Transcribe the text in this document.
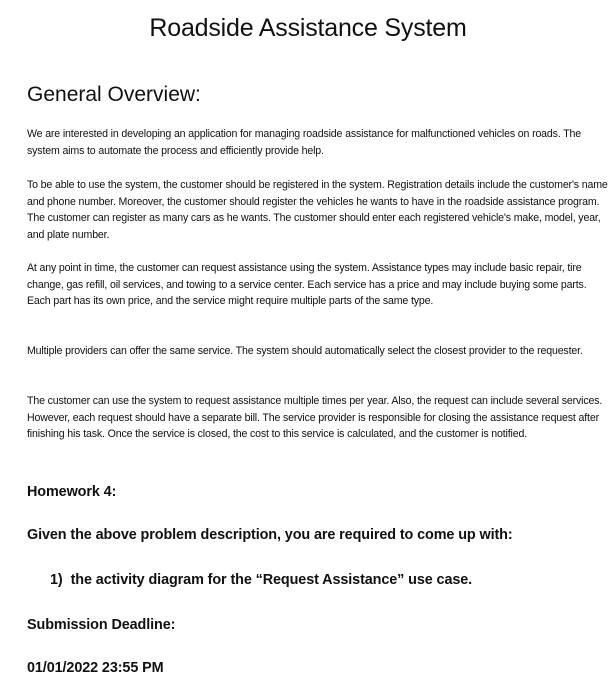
Roadside Assistance System
General Overview:

We are interested in developing an application for managing roadside assistance for malfunctioned vehicles on roads. The system aims to automate the process and efficiently provide help.

To be able to use the system, the customer should be registered in the system. Registration details include the customer's name and phone number. Moreover, the customer should register the vehicles he wants to have in the roadside assistance program. The customer can register as many cars as he wants. The customer should enter each registered vehicle's make, model, year, and plate number.

At any point in time, the customer can request assistance using the system. Assistance types may include basic repair, tire change, gas refill, oil services, and towing to a service center. Each service has a price and may include buying some parts. Each part has its own price, and the service might require multiple parts of the same type.

Multiple providers can offer the same service. The system should automatically select the closest provider to the requester.

The customer can use the system to request assistance multiple times per year. Also, the request can include several services. However, each request should have a separate bill. The service provider is responsible for closing the assistance request after finishing his task. Once the service is closed, the cost to this service is calculated, and the customer is notified.

Homework 4:

Given the above problem description, you are required to come up with:

1) the activity diagram for the “Request Assistance” use case.

Submission Deadline:

01/01/2022 23:55 PM
